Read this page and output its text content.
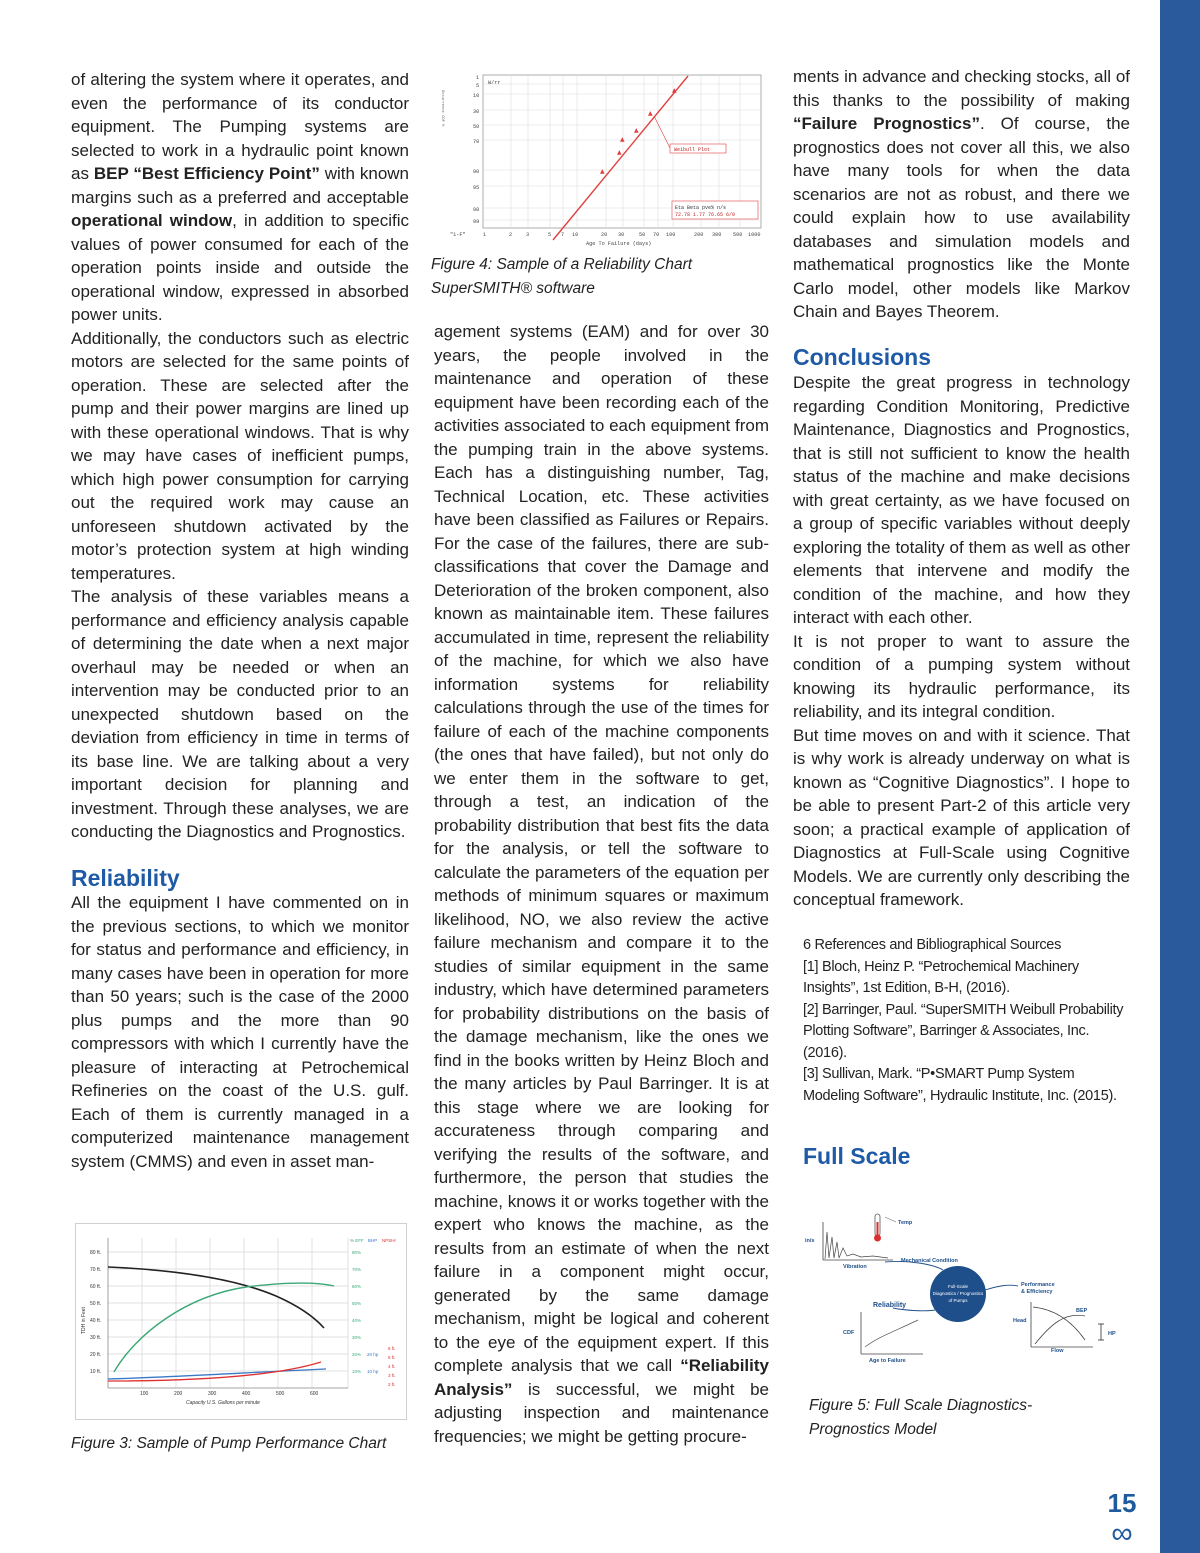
15
∞

of altering the system where it operates, and even the performance of its conductor equipment. The Pumping systems are selected to work in a hydraulic point known as BEP “Best Efficiency Point” with known margins such as a preferred and acceptable operational window, in addition to specific values of power consumed for each of the operation points inside and outside the operational window, expressed in absorbed power units.

Additionally, the conductors such as electric motors are selected for the same points of operation. These are selected after the pump and their power margins are lined up with these operational windows. That is why we may have cases of inefficient pumps, which high power consumption for carrying out the required work may cause an unforeseen shutdown activated by the motor’s protection system at high winding temperatures.

The analysis of these variables means a performance and efficiency analysis capable of determining the date when a next major overhaul may be needed or when an intervention may be conducted prior to an unexpected shutdown based on the deviation from efficiency in time in terms of its base line. We are talking about a very important decision for planning and investment. Through these analyses, we are conducting the Diagnostics and Prognostics.

Reliability

All the equipment I have commented on in the previous sections, to which we monitor for status and performance and efficiency, in many cases have been in operation for more than 50 years; such is the case of the 2000 plus pumps and the more than 90 compressors with which I currently have the pleasure of interacting at Petrochemical Refineries on the coast of the U.S. gulf. Each of them is currently managed in a computerized maintenance management system (CMMS) and even in asset man-

80 ft.
70 ft.
60 ft.
50 ft.
40 ft.
30 ft.
20 ft.
10 ft.
100	200	300	400	500	600
Capacity U.S. Gallons per minute
TDH in Feet
80%
70%
60%
50%
40%
30%
20%
10%
% EFF BHP NPSHr
20 hp
10 hp
6 ft.
5 ft.
4 ft.
3 ft.
2 ft.
Figure 3: Sample of Pump Performance Chart
1
5
10
30
50
70
90
95
98
99
W/rr
"1-F"	1	2	3	5 7 10	20 30	50 70 100	200 300 500 1000
Age To Failure (days)
Occurrence CDF %
▲
▲
▲
▲
▲
▲
Weibull Plot
Eta Beta pve% n/s
72.78 1.77 76.65 6/0
Figure 4: Sample of a Reliability Chart
SuperSMITH® software

agement systems (EAM) and for over 30 years, the people involved in the maintenance and operation of these equipment have been recording each of the activities associated to each equipment from the pumping train in the above systems. Each has a distinguishing number, Tag, Technical Location, etc. These activities have been classified as Failures or Repairs. For the case of the failures, there are sub-classifications that cover the Damage and Deterioration of the broken component, also known as maintainable item. These failures accumulated in time, represent the reliability of the machine, for which we also have information systems for reliability calculations through the use of the times for failure of each of the machine components (the ones that have failed), but not only do we enter them in the software to get, through a test, an indication of the probability distribution that best fits the data for the analysis, or tell the software to calculate the parameters of the equation per methods of minimum squares or maximum likelihood, NO, we also review the active failure mechanism and compare it to the studies of similar equipment in the same industry, which have determined parameters for probability distributions on the basis of the damage mechanism, like the ones we find in the books written by Heinz Bloch and the many articles by Paul Barringer. It is at this stage where we are looking for accurateness through comparing and verifying the results of the software, and furthermore, the person that studies the machine, knows it or works together with the expert who knows the machine, as the results from an estimate of when the next failure in a component might occur, generated by the same damage mechanism, might be logical and coherent to the eye of the equipment expert. If this complete analysis that we call “Reliability Analysis” is successful, we might be adjusting inspection and maintenance frequencies; we might be getting procure-

ments in advance and checking stocks, all of this thanks to the possibility of making “Failure Prognostics”. Of course, the prognostics does not cover all this, we also have many tools for when the data scenarios are not as robust, and there we could explain how to use availability databases and simulation models and mathematical prognostics like the Monte Carlo model, other models like Markov Chain and Bayes Theorem.

Conclusions

Despite the great progress in technology regarding Condition Monitoring, Predictive Maintenance, Diagnostics and Prognostics, that is still not sufficient to know the health status of the machine and make decisions with great certainty, as we have focused on a group of specific variables without deeply exploring the totality of them as well as other elements that intervene and modify the condition of the machine, and how they interact with each other.

It is not proper to want to assure the condition of a pumping system without knowing its hydraulic performance, its reliability, and its integral condition.

But time moves on and with it science. That is why work is already underway on what is known as “Cognitive Diagnostics”. I hope to be able to present Part-2 of this article very soon; a practical example of application of Diagnostics at Full-Scale using Cognitive Models. We are currently only describing the conceptual framework.

6 References and Bibliographical Sources

[1] Bloch, Heinz P. “Petrochemical Machinery Insights”, 1st Edition, B-H, (2016).

[2] Barringer, Paul. “SuperSMITH Weibull Probability Plotting Software”, Barringer & Associates, Inc. (2016).

[3] Sullivan, Mark. “P•SMART Pump System Modeling Software”, Hydraulic Institute, Inc. (2015).

Full Scale
in/s
Temp
Vibration
Mechanical Condition
Performance
& Efficiency
Reliability
CDF
Age to Failure
Head
BEP
HP
Flow
Full-Scale
Diagnostics / Prognostics
of Pumps
Figure 5: Full Scale Diagnostics-
Prognostics Model
